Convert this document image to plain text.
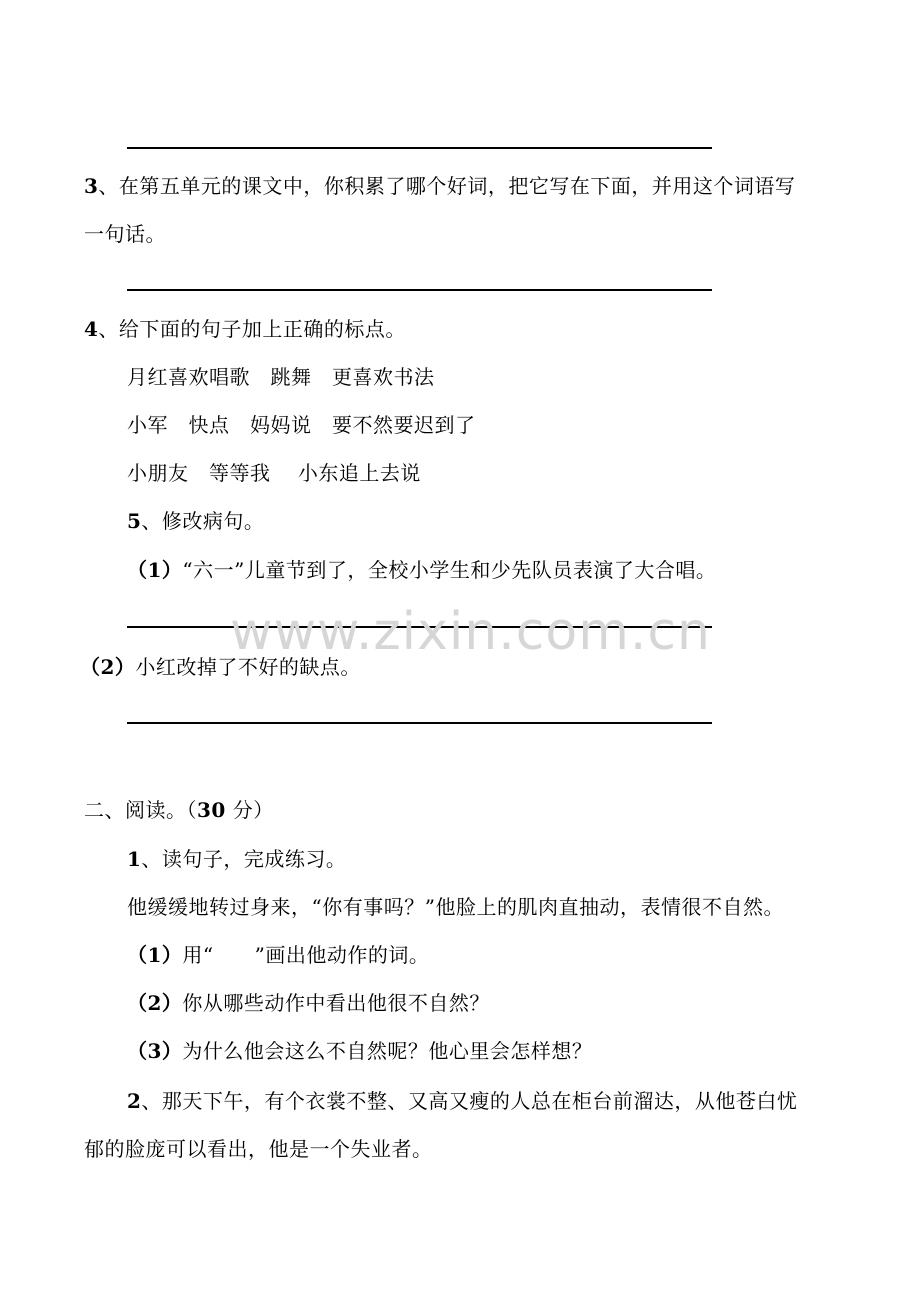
3、在第五单元的课文中，你积累了哪个好词，把它写在下面，并用这个词语写
一句话。
4、给下面的句子加上正确的标点。
月红喜欢唱歌　跳舞　更喜欢书法
小军　快点　妈妈说　要不然要迟到了
小朋友　等等我　 小东追上去说
5、修改病句。
（1）“六一”儿童节到了，全校小学生和少先队员表演了大合唱。
www.zixin.com.cn
（2）小红改掉了不好的缺点。
二、阅读。（30 分）
1、读句子，完成练习。
他缓缓地转过身来，“你有事吗？”他脸上的肌肉直抽动，表情很不自然。
（1）用“　　”画出他动作的词。
（2）你从哪些动作中看出他很不自然？
（3）为什么他会这么不自然呢？他心里会怎样想？
2、那天下午，有个衣裳不整、又高又瘦的人总在柜台前溜达，从他苍白忧
郁的脸庞可以看出，他是一个失业者。
